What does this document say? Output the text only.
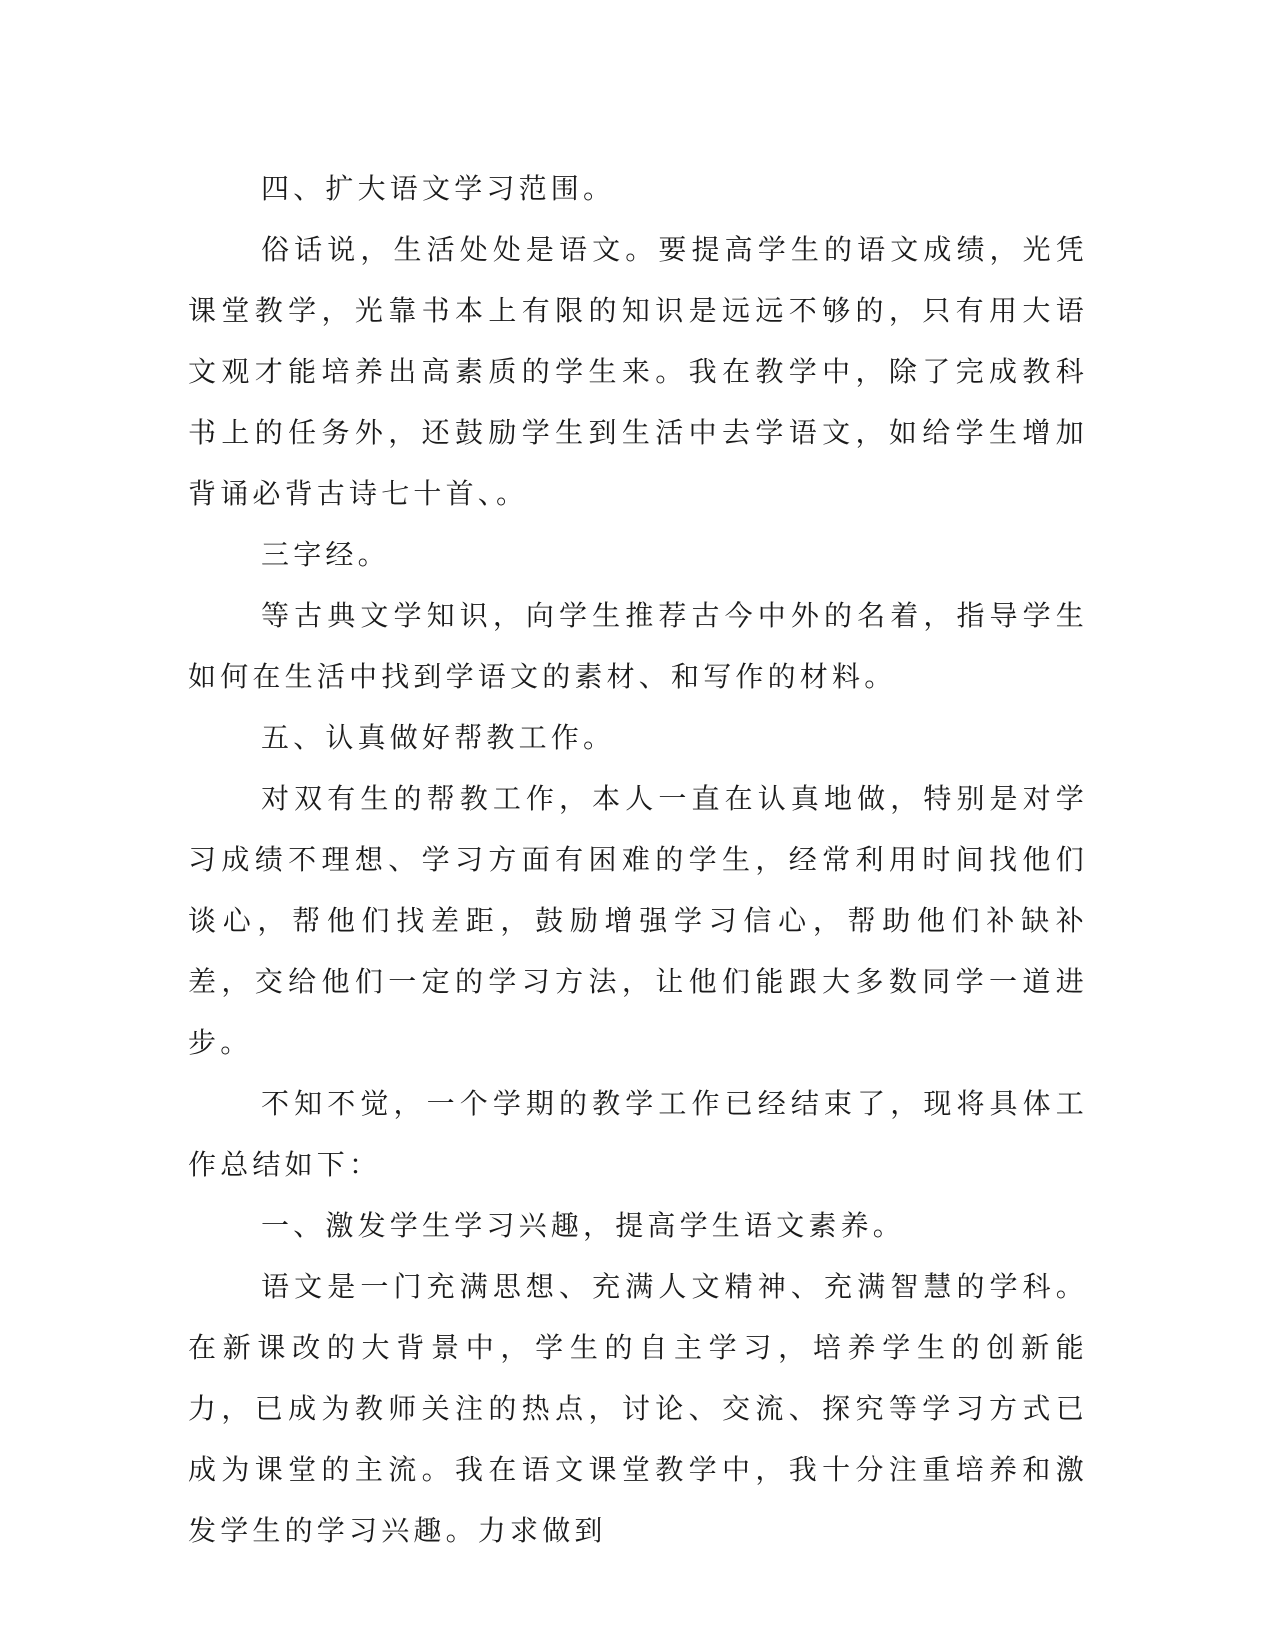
四、扩大语文学习范围。

俗话说，生活处处是语文。要提高学生的语文成绩，光凭课堂教学，光靠书本上有限的知识是远远不够的，只有用大语文观才能培养出高素质的学生来。我在教学中，除了完成教科书上的任务外，还鼓励学生到生活中去学语文，如给学生增加背诵必背古诗七十首、。

三字经。

等古典文学知识，向学生推荐古今中外的名着，指导学生如何在生活中找到学语文的素材、和写作的材料。

五、认真做好帮教工作。

对双有生的帮教工作，本人一直在认真地做，特别是对学习成绩不理想、学习方面有困难的学生，经常利用时间找他们谈心，帮他们找差距，鼓励增强学习信心，帮助他们补缺补差，交给他们一定的学习方法，让他们能跟大多数同学一道进步。

不知不觉，一个学期的教学工作已经结束了，现将具体工作总结如下：

一、激发学生学习兴趣，提高学生语文素养。

语文是一门充满思想、充满人文精神、充满智慧的学科。在新课改的大背景中，学生的自主学习，培养学生的创新能力，已成为教师关注的热点，讨论、交流、探究等学习方式已成为课堂的主流。我在语文课堂教学中，我十分注重培养和激发学生的学习兴趣。力求做到
